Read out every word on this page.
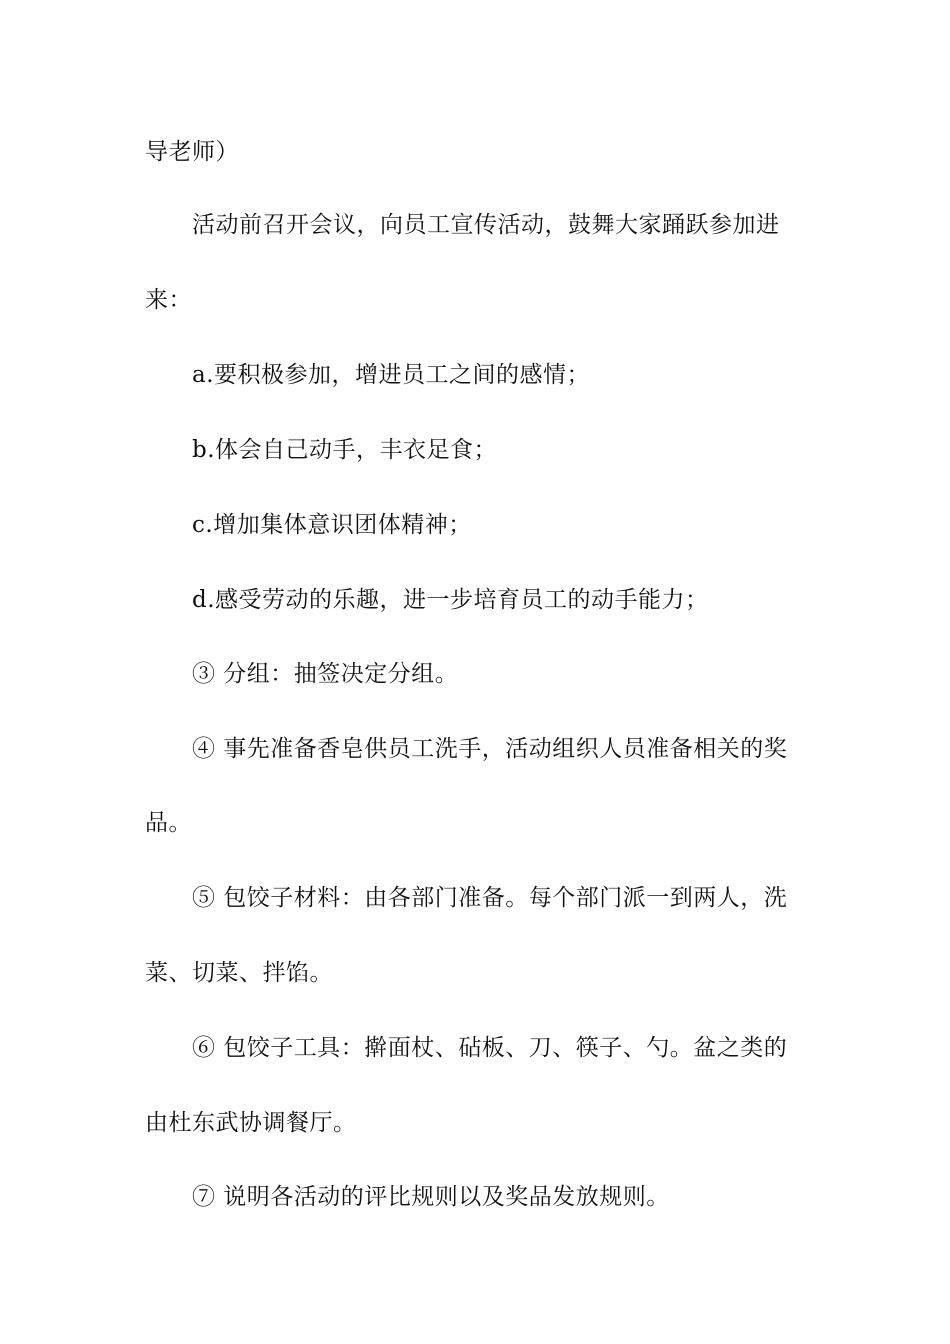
导老师）
活动前召开会议，向员工宣传活动，鼓舞大家踊跃参加进
来：
a.要积极参加，增进员工之间的感情；
b.体会自己动手，丰衣足食；
c.增加集体意识团体精神；
d.感受劳动的乐趣，进一步培育员工的动手能力；
③ 分组：抽签决定分组。
④ 事先准备香皂供员工洗手，活动组织人员准备相关的奖
品。
⑤ 包饺子材料：由各部门准备。每个部门派一到两人，洗
菜、切菜、拌馅。
⑥ 包饺子工具：擀面杖、砧板、刀、筷子、勺。盆之类的
由杜东武协调餐厅。
⑦ 说明各活动的评比规则以及奖品发放规则。
